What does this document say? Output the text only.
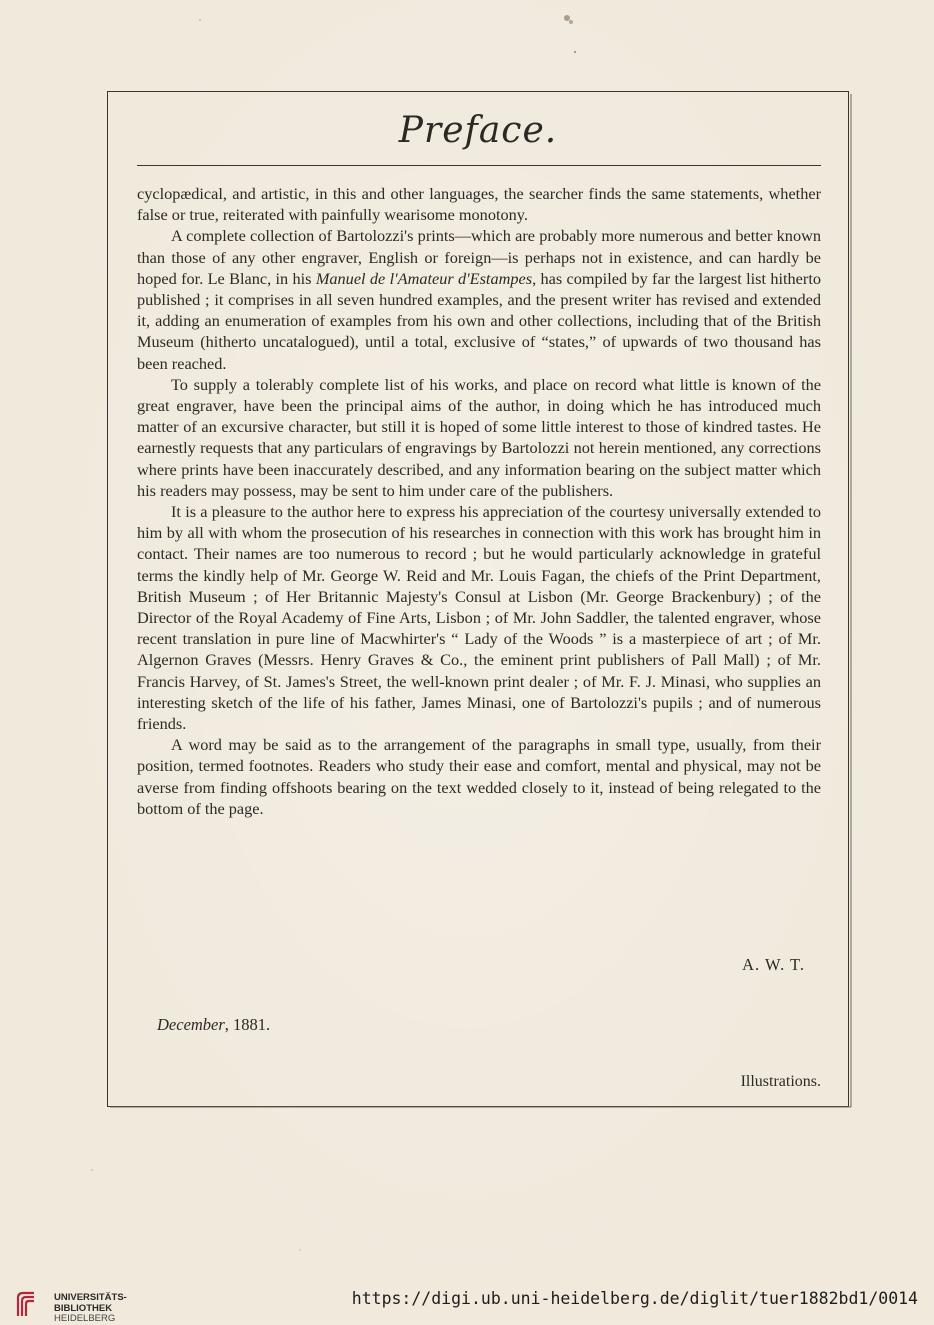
Preface.

cyclopædical, and artistic, in this and other languages, the searcher finds the same statements, whether false or true, reiterated with painfully wearisome monotony.

A complete collection of Bartolozzi's prints—which are probably more numerous and better known than those of any other engraver, English or foreign—is perhaps not in existence, and can hardly be hoped for. Le Blanc, in his Manuel de l'Amateur d'Estampes, has compiled by far the largest list hitherto published ; it comprises in all seven hundred examples, and the present writer has revised and extended it, adding an enumeration of examples from his own and other collections, including that of the British Museum (hitherto uncatalogued), until a total, exclusive of “states,” of upwards of two thousand has been reached.

To supply a tolerably complete list of his works, and place on record what little is known of the great engraver, have been the principal aims of the author, in doing which he has introduced much matter of an excursive character, but still it is hoped of some little interest to those of kindred tastes. He earnestly requests that any particulars of engravings by Bartolozzi not herein mentioned, any corrections where prints have been inaccurately described, and any information bearing on the subject matter which his readers may possess, may be sent to him under care of the publishers.

It is a pleasure to the author here to express his appreciation of the courtesy universally extended to him by all with whom the prosecution of his researches in connection with this work has brought him in contact. Their names are too numerous to record ; but he would particularly acknowledge in grateful terms the kindly help of Mr. George W. Reid and Mr. Louis Fagan, the chiefs of the Print Department, British Museum ; of Her Britannic Majesty's Consul at Lisbon (Mr. George Brackenbury) ; of the Director of the Royal Academy of Fine Arts, Lisbon ; of Mr. John Saddler, the talented engraver, whose recent translation in pure line of Macwhirter's “ Lady of the Woods ” is a masterpiece of art ; of Mr. Algernon Graves (Messrs. Henry Graves & Co., the eminent print publishers of Pall Mall) ; of Mr. Francis Harvey, of St. James's Street, the well-known print dealer ; of Mr. F. J. Minasi, who supplies an interesting sketch of the life of his father, James Minasi, one of Bartolozzi's pupils ; and of numerous friends.

A word may be said as to the arrangement of the paragraphs in small type, usually, from their position, termed footnotes. Readers who study their ease and comfort, mental and physical, may not be averse from finding offshoots bearing on the text wedded closely to it, instead of being relegated to the bottom of the page.

A. W. T.
December, 1881.
Illustrations.
UNIVERSITÄTS-
BIBLIOTHEK
HEIDELBERG
https://digi.ub.uni-heidelberg.de/diglit/tuer1882bd1/0014
